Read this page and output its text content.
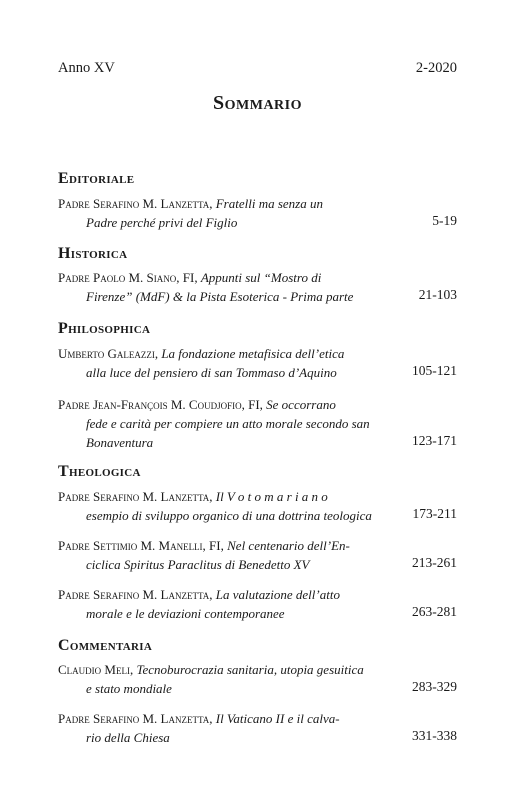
Anno XV	2-2020
Sommario
Editoriale
Padre Serafino M. Lanzetta, Fratelli ma senza un
Padre perché privi del Figlio	5-19
Historica
Padre Paolo M. Siano, FI, Appunti sul “Mostro di
Firenze” (MdF) & la Pista Esoterica - Prima parte	21-103
Philosophica
Umberto Galeazzi, La fondazione metafisica dell’etica
alla luce del pensiero di san Tommaso d’Aquino	105-121
Padre Jean-François M. Coudjofio, FI, Se occorrano
fede e carità per compiere un atto morale secondo san
Bonaventura	123-171
Theologica
Padre Serafino M. Lanzetta, Il V o t o m a r i a n o
esempio di sviluppo organico di una dottrina teologica	173-211
Padre Settimio M. Manelli, FI, Nel centenario dell’En-
ciclica Spiritus Paraclitus di Benedetto XV	213-261
Padre Serafino M. Lanzetta, La valutazione dell’atto
morale e le deviazioni contemporanee	263-281
Commentaria
Claudio Meli, Tecnoburocrazia sanitaria, utopia gesuitica
e stato mondiale	283-329
Padre Serafino M. Lanzetta, Il Vaticano II e il calva-
rio della Chiesa	331-338
